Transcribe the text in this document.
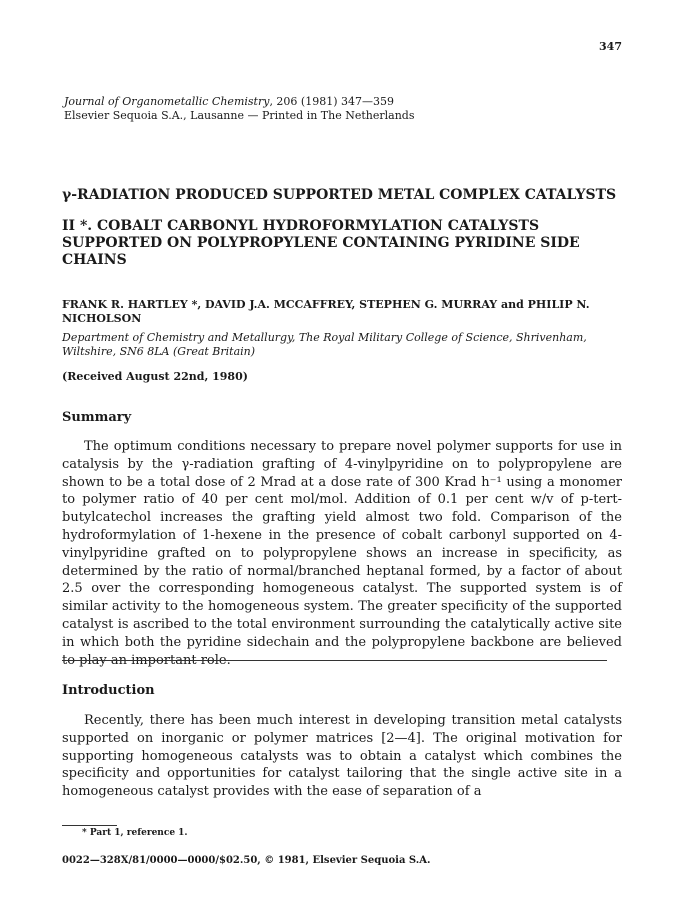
347
Journal of Organometallic Chemistry, 206 (1981) 347—359
Elsevier Sequoia S.A., Lausanne — Printed in The Netherlands
γ-RADIATION PRODUCED SUPPORTED METAL COMPLEX CATALYSTS
II *. COBALT CARBONYL HYDROFORMYLATION CATALYSTS SUPPORTED ON POLYPROPYLENE CONTAINING PYRIDINE SIDE CHAINS
FRANK R. HARTLEY *, DAVID J.A. MCCAFFREY, STEPHEN G. MURRAY and PHILIP N. NICHOLSON
Department of Chemistry and Metallurgy, The Royal Military College of Science, Shrivenham, Wiltshire, SN6 8LA (Great Britain)
(Received August 22nd, 1980)
Summary

The optimum conditions necessary to prepare novel polymer supports for use in catalysis by the γ-radiation grafting of 4-vinylpyridine on to polypropylene are shown to be a total dose of 2 Mrad at a dose rate of 300 Krad h⁻¹ using a monomer to polymer ratio of 40 per cent mol/mol. Addition of 0.1 per cent w/v of p-tert-butylcatechol increases the grafting yield almost two fold. Comparison of the hydroformylation of 1-hexene in the presence of cobalt carbonyl supported on 4-vinylpyridine grafted on to polypropylene shows an increase in specificity, as determined by the ratio of normal/branched heptanal formed, by a factor of about 2.5 over the corresponding homogeneous catalyst. The supported system is of similar activity to the homogeneous system. The greater specificity of the supported catalyst is ascribed to the total environment surrounding the catalytically active site in which both the pyridine sidechain and the polypropylene backbone are believed to play an important role.

Introduction

Recently, there has been much interest in developing transition metal catalysts supported on inorganic or polymer matrices [2—4]. The original motivation for supporting homogeneous catalysts was to obtain a catalyst which combines the specificity and opportunities for catalyst tailoring that the single active site in a homogeneous catalyst provides with the ease of separation of a

* Part 1, reference 1.
0022—328X/81/0000—0000/$02.50, © 1981, Elsevier Sequoia S.A.
